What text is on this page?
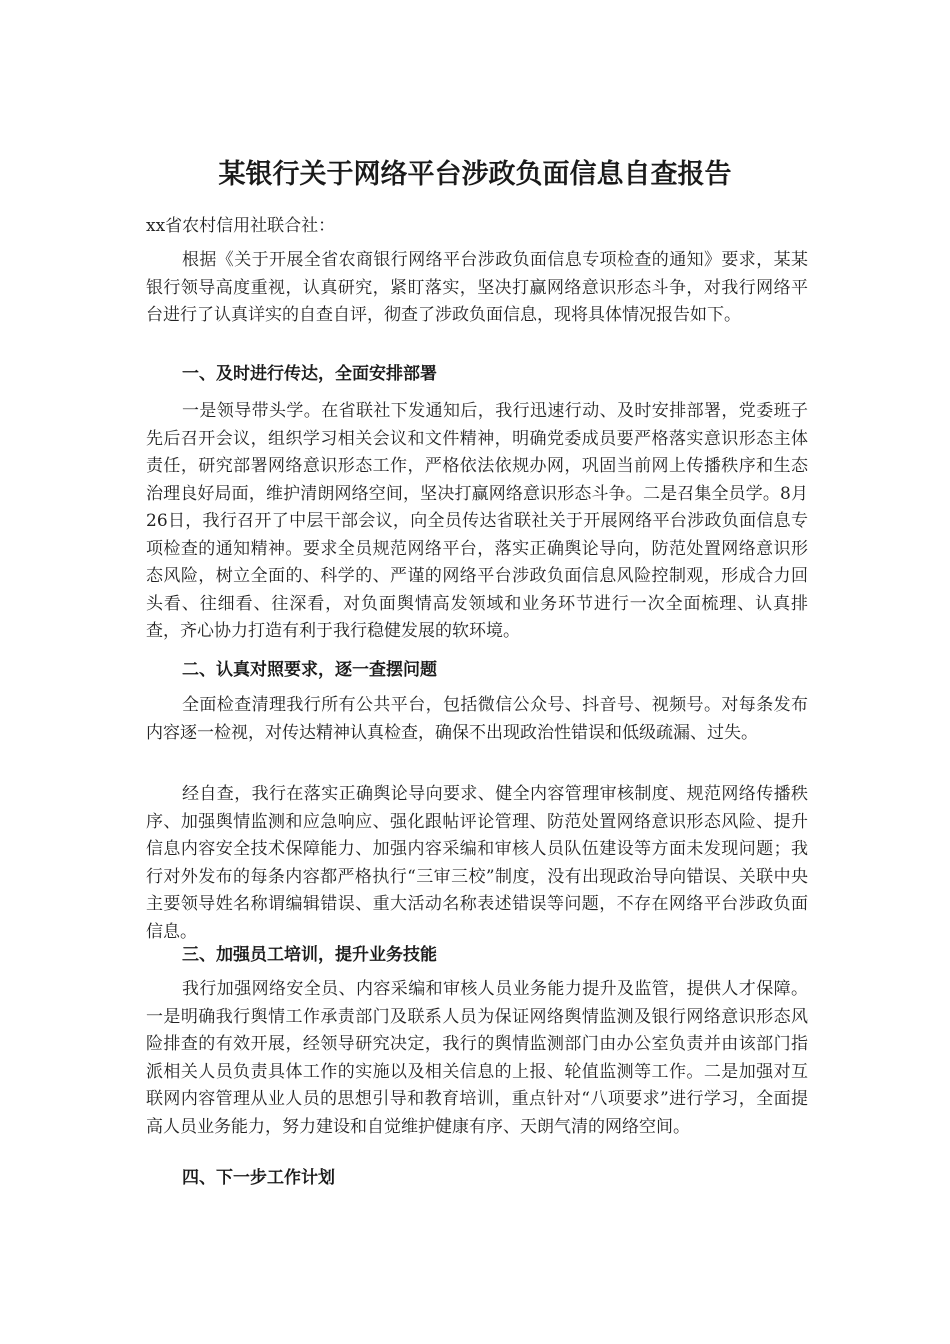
某银行关于网络平台涉政负面信息自查报告

xx省农村信用社联合社：

根据《关于开展全省农商银行网络平台涉政负面信息专项检查的通知》要求，某某银行领导高度重视，认真研究，紧盯落实，坚决打赢网络意识形态斗争，对我行网络平台进行了认真详实的自查自评，彻查了涉政负面信息，现将具体情况报告如下。

一、及时进行传达，全面安排部署

一是领导带头学。在省联社下发通知后，我行迅速行动、及时安排部署，党委班子先后召开会议，组织学习相关会议和文件精神，明确党委成员要严格落实意识形态主体责任，研究部署网络意识形态工作，严格依法依规办网，巩固当前网上传播秩序和生态治理良好局面，维护清朗网络空间，坚决打赢网络意识形态斗争。二是召集全员学。8月26日，我行召开了中层干部会议，向全员传达省联社关于开展网络平台涉政负面信息专项检查的通知精神。要求全员规范网络平台，落实正确舆论导向，防范处置网络意识形态风险，树立全面的、科学的、严谨的网络平台涉政负面信息风险控制观，形成合力回头看、往细看、往深看，对负面舆情高发领域和业务环节进行一次全面梳理、认真排查，齐心协力打造有利于我行稳健发展的软环境。

二、认真对照要求，逐一查摆问题

全面检查清理我行所有公共平台，包括微信公众号、抖音号、视频号。对每条发布内容逐一检视，对传达精神认真检查，确保不出现政治性错误和低级疏漏、过失。

经自查，我行在落实正确舆论导向要求、健全内容管理审核制度、规范网络传播秩序、加强舆情监测和应急响应、强化跟帖评论管理、防范处置网络意识形态风险、提升信息内容安全技术保障能力、加强内容采编和审核人员队伍建设等方面未发现问题；我行对外发布的每条内容都严格执行“三审三校”制度，没有出现政治导向错误、关联中央主要领导姓名称谓编辑错误、重大活动名称表述错误等问题，不存在网络平台涉政负面信息。

三、加强员工培训，提升业务技能

我行加强网络安全员、内容采编和审核人员业务能力提升及监管，提供人才保障。一是明确我行舆情工作承责部门及联系人员为保证网络舆情监测及银行网络意识形态风险排查的有效开展，经领导研究决定，我行的舆情监测部门由办公室负责并由该部门指派相关人员负责具体工作的实施以及相关信息的上报、轮值监测等工作。二是加强对互联网内容管理从业人员的思想引导和教育培训，重点针对“八项要求”进行学习，全面提高人员业务能力，努力建设和自觉维护健康有序、天朗气清的网络空间。

四、下一步工作计划
